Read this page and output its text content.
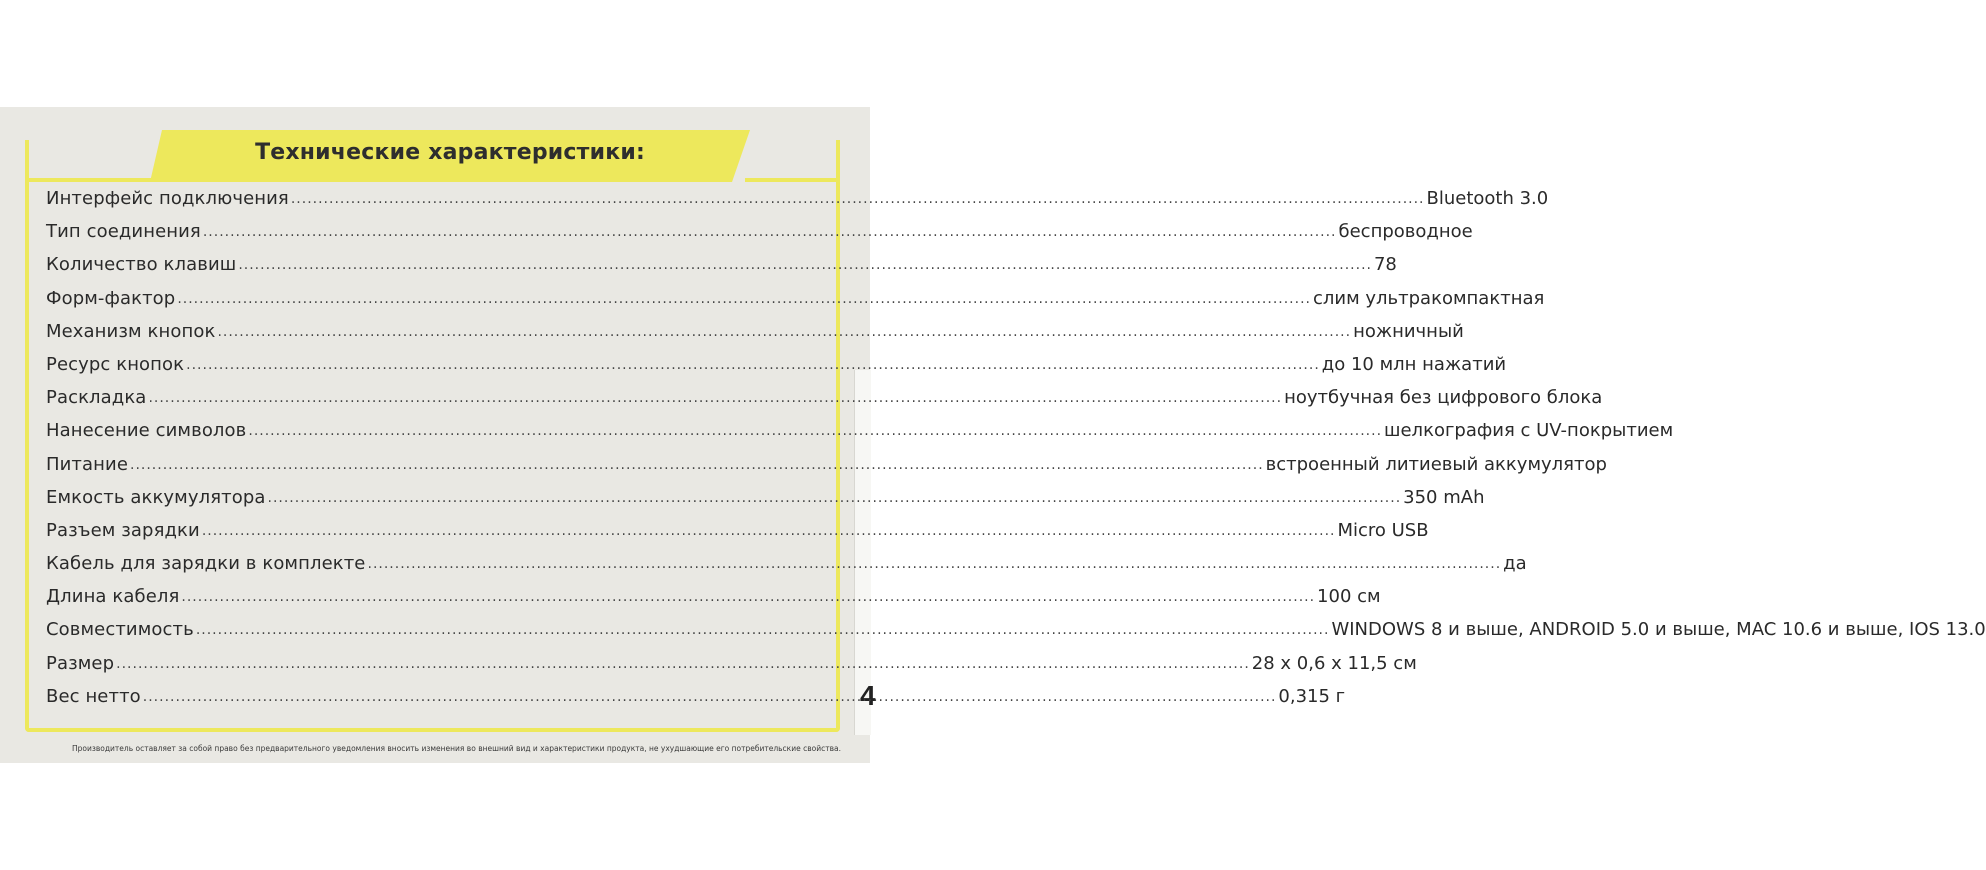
4
Технические характеристики:
Интерфейс подключения .....	Bluetooth 3.0
Тип соединения .....	беспроводное
Количество клавиш .....	78
Форм-фактор .....	слим ультракомпактная
Механизм кнопок .....	ножничный
Ресурс кнопок .....	до 10 млн нажатий
Раскладка .....	ноутбучная без цифрового блока
Нанесение символов .....	шелкография с UV-покрытием
Питание .....	встроенный литиевый аккумулятор
Емкость аккумулятора .....	350 mAh
Разъем зарядки .....	Micro USB
Кабель для зарядки в комплекте .....	да
Длина кабеля .....	100 см
Совместимость .....	WINDOWS 8 и выше, ANDROID 5.0 и выше, MAC 10.6 и выше, IOS 13.0
Размер .....	28 x 0,6 x 11,5 см
Вес нетто .....	0,315 г
Производитель оставляет за собой право без предварительного уведомления вносить изменения во внешний вид и характеристики продукта, не ухудшающие его потребительские свойства.
